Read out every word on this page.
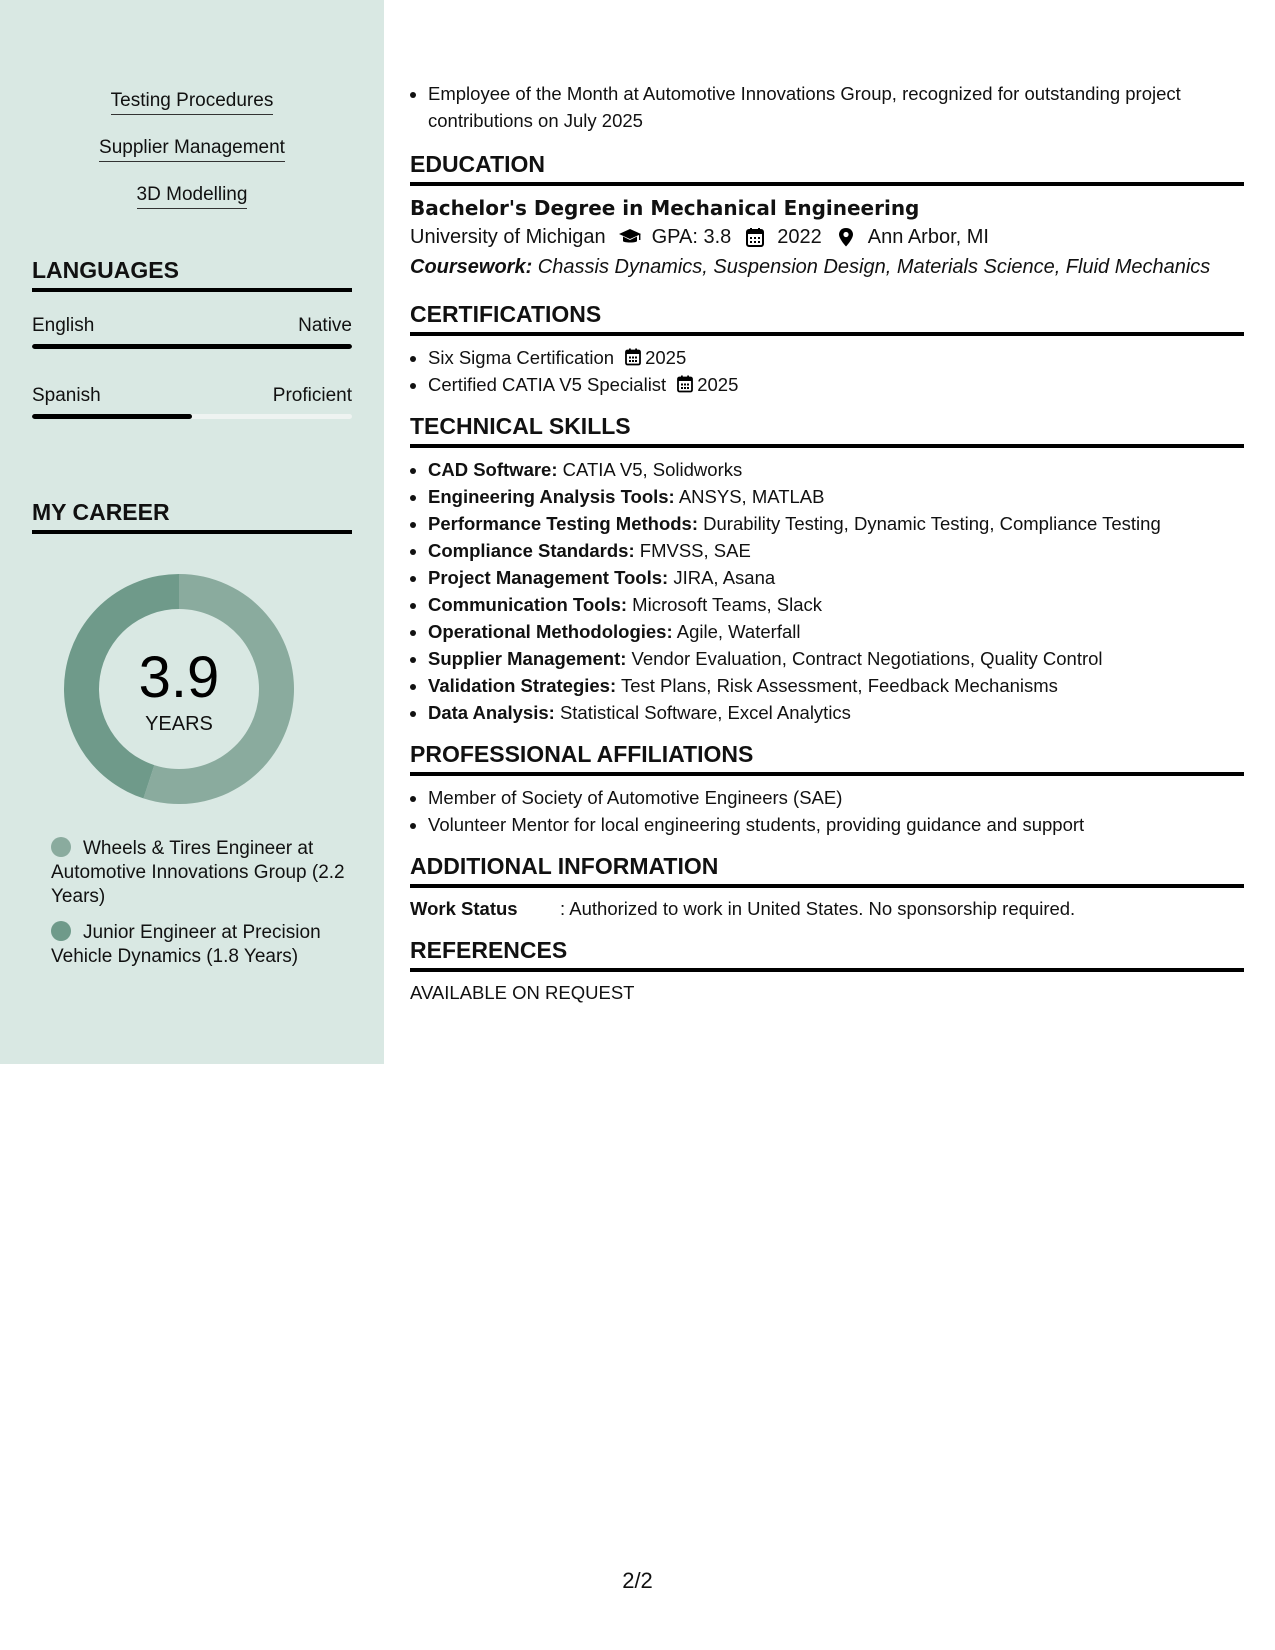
Testing Procedures
Supplier Management
3D Modelling
LANGUAGES
English	Native
Spanish	Proficient
MY CAREER
3.9
YEARS
Wheels & Tires Engineer at Automotive Innovations Group (2.2 Years)
Junior Engineer at Precision Vehicle Dynamics (1.8 Years)
• Employee of the Month at Automotive Innovations Group, recognized for outstanding project contributions on July 2025
EDUCATION
Bachelor's Degree in Mechanical Engineering
University of Michigan GPA: 3.8 2022 Ann Arbor, MI
Coursework: Chassis Dynamics, Suspension Design, Materials Science, Fluid Mechanics
CERTIFICATIONS
• Six Sigma Certification 2025
• Certified CATIA V5 Specialist 2025
TECHNICAL SKILLS
• CAD Software: CATIA V5, Solidworks
• Engineering Analysis Tools: ANSYS, MATLAB
• Performance Testing Methods: Durability Testing, Dynamic Testing, Compliance Testing
• Compliance Standards: FMVSS, SAE
• Project Management Tools: JIRA, Asana
• Communication Tools: Microsoft Teams, Slack
• Operational Methodologies: Agile, Waterfall
• Supplier Management: Vendor Evaluation, Contract Negotiations, Quality Control
• Validation Strategies: Test Plans, Risk Assessment, Feedback Mechanisms
• Data Analysis: Statistical Software, Excel Analytics
PROFESSIONAL AFFILIATIONS
• Member of Society of Automotive Engineers (SAE)
• Volunteer Mentor for local engineering students, providing guidance and support
ADDITIONAL INFORMATION
Work Status	: Authorized to work in United States. No sponsorship required.
REFERENCES
AVAILABLE ON REQUEST
2/2
